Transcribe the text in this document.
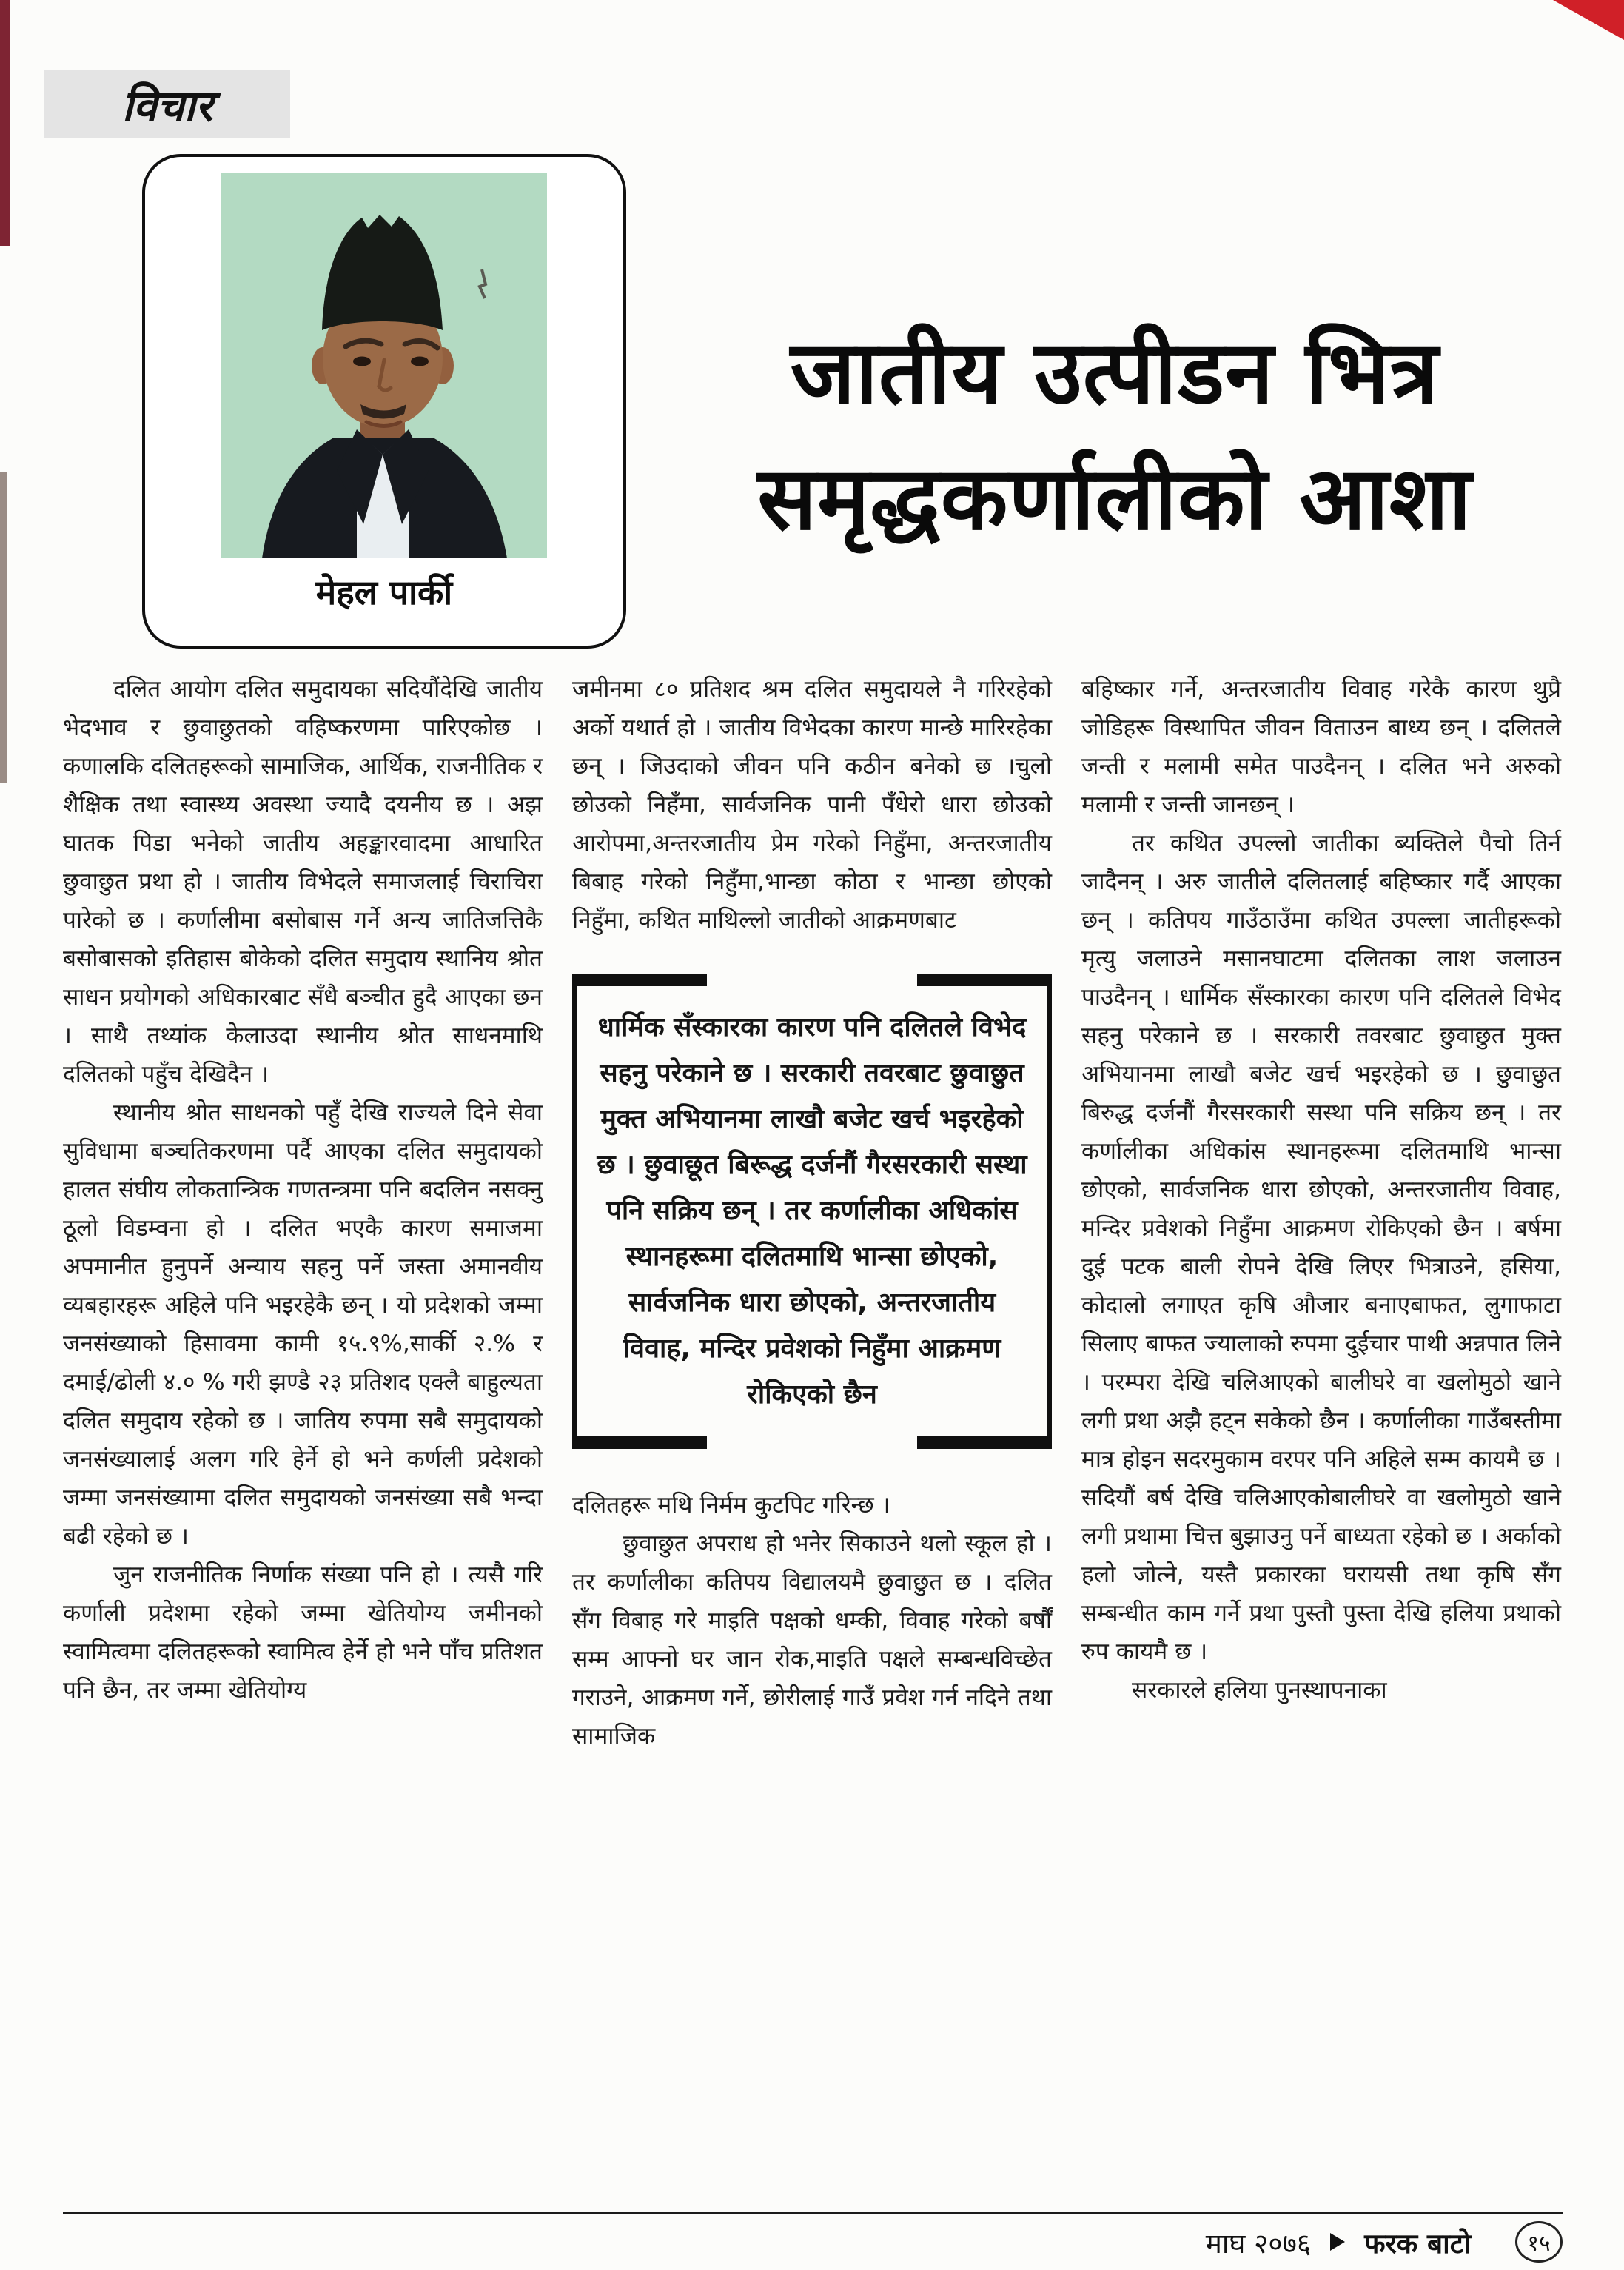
विचार
मेहल पार्की
जातीय उत्पीडन भित्र
समृद्धकर्णालीको आशा

दलित आयोग दलित समुदायका सदियौंदेखि जातीय भेदभाव र छुवाछुतको वहिष्करणमा पारिएकोछ । कणालकि दलितहरूको सामाजिक, आर्थिक, राजनीतिक र शैक्षिक तथा स्वास्थ्य अवस्था ज्यादै दयनीय छ । अझ घातक पिडा भनेको जातीय अहङ्कारवादमा आधारित छुवाछुत प्रथा हो । जातीय विभेदले समाजलाई चिराचिरा पारेको छ । कर्णालीमा बसोबास गर्ने अन्य जातिजत्तिकै बसोबासको इतिहास बोकेको दलित समुदाय स्थानिय श्रोत साधन प्रयोगको अधिकारबाट सँधै बञ्चीत हुदै आएका छन । साथै तथ्यांक केलाउदा स्थानीय श्रोत साधनमाथि दलितको पहुँच देखिदैन ।

स्थानीय श्रोत साधनको पहुँ देखि राज्यले दिने सेवा सुविधामा बञ्चतिकरणमा पर्दै आएका दलित समुदायको हालत संघीय लोकतान्त्रिक गणतन्त्रमा पनि बदलिन नसक्नु ठूलो विडम्वना हो । दलित भएकै कारण समाजमा अपमानीत हुनुपर्ने अन्याय सहनु पर्ने जस्ता अमानवीय व्यबहारहरू अहिले पनि भइरहेकै छन् । यो प्रदेशको जम्मा जनसंख्याको हिसावमा कामी १५.९%,सार्की २.% र दमाई/ढोली ४.० % गरी झण्डै २३ प्रतिशद एक्लै बाहुल्यता दलित समुदाय रहेको छ । जातिय रुपमा सबै समुदायको जनसंख्यालाई अलग गरि हेर्ने हो भने कर्णली प्रदेशको जम्मा जनसंख्यामा दलित समुदायको जनसंख्या सबै भन्दा बढी रहेको छ ।

जुन राजनीतिक निर्णाक संख्या पनि हो । त्यसै गरि कर्णाली प्रदेशमा रहेको जम्मा खेतियोग्य जमीनको स्वामित्वमा दलितहरूको स्वामित्व हेर्ने हो भने पाँच प्रतिशत पनि छैन, तर जम्मा खेतियोग्य

जमीनमा ८० प्रतिशद श्रम दलित समुदायले नै गरिरहेको अर्को यथार्त हो । जातीय विभेदका कारण मान्छे मारिरहेका छन् । जिउदाको जीवन पनि कठीन बनेको छ ।चुलो छोउको निहँमा, सार्वजनिक पानी पँधेरो धारा छोउको आरोपमा,अन्तरजातीय प्रेम गरेको निहुँमा, अन्तरजातीय बिबाह गरेको निहुँमा,भान्छा कोठा र भान्छा छोएको निहुँमा, कथित माथिल्लो जातीको आक्रमणबाट

धार्मिक सँस्कारका कारण पनि दलितले विभेद सहनु परेकाने छ । सरकारी तवरबाट छुवाछुत मुक्त अभियानमा लाखौ बजेट खर्च भइरहेको छ । छुवाछूत बिरूद्ध दर्जनौं गैरसरकारी सस्था पनि सक्रिय छन् । तर कर्णालीका अधिकांस स्थानहरूमा दलितमाथि भान्सा छाेएको, सार्वजनिक धारा छोएको, अन्तरजातीय विवाह, मन्दिर प्रवेशको निहुँमा आक्रमण रोकिएको छैन

दलितहरू मथि निर्मम कुटपिट गरिन्छ ।

छुवाछुत अपराध हो भनेर सिकाउने थलो स्कूल हो । तर कर्णालीका कतिपय विद्यालयमै छुवाछुत छ । दलित सँग विबाह गरे माइति पक्षको धम्की, विवाह गरेको बर्षौं सम्म आफ्नो घर जान रोक,माइति पक्षले सम्बन्धविच्छेत गराउने, आक्रमण गर्ने, छोरीलाई गाउँ प्रवेश गर्न नदिने तथा सामाजिक

बहिष्कार गर्ने, अन्तरजातीय विवाह गरेकै कारण थुप्रै जोडिहरू विस्थापित जीवन विताउन बाध्य छन् । दलितले जन्ती र मलामी समेत पाउदैनन् । दलित भने अरुको मलामी र जन्ती जानछन् ।

तर कथित उपल्लो जातीका ब्यक्तिले पैचो तिर्न जादैनन् । अरु जातीले दलितलाई बहिष्कार गर्दै आएका छन् । कतिपय गाउँठाउँमा कथित उपल्ला जातीहरूको मृत्यु जलाउने मसानघाटमा दलितका लाश जलाउन पाउदैनन् । धार्मिक सँस्कारका कारण पनि दलितले विभेद सहनु परेकाने छ । सरकारी तवरबाट छुवाछुत मुक्त अभियानमा लाखौ बजेट खर्च भइरहेको छ । छुवाछुत बिरुद्ध दर्जनौं गैरसरकारी सस्था पनि सक्रिय छन् । तर कर्णालीका अधिकांस स्थानहरूमा दलितमाथि भान्सा छोएको, सार्वजनिक धारा छोएको, अन्तरजातीय विवाह, मन्दिर प्रवेशको निहुँमा आक्रमण रोकिएको छैन । बर्षमा दुई पटक बाली रोपने देखि लिएर भित्राउने, हसिया, कोदालो लगाएत कृषि औजार बनाएबाफत, लुगाफाटा सिलाए बाफत ज्यालाको रुपमा दुईचार पाथी अन्नपात लिने । परम्परा देखि चलिआएको बालीघरे वा खलोमुठो खाने लगी प्रथा अझै हट्न सकेको छैन । कर्णालीका गाउँबस्तीमा मात्र होइन सदरमुकाम वरपर पनि अहिले सम्म कायमै छ । सदियौं बर्ष देखि चलिआएकोबालीघरे वा खलोमुठो खाने लगी प्रथामा चित्त बुझाउनु पर्ने बाध्यता रहेको छ । अर्काको हलो जोत्ने, यस्तै प्रकारका घरायसी तथा कृषि सँग सम्बन्धीत काम गर्ने प्रथा पुस्तौ पुस्ता देखि हलिया प्रथाको रुप कायमै छ ।

सरकारले हलिया पुनस्थापनाका

माघ २०७६ फरक बाटो	१५
